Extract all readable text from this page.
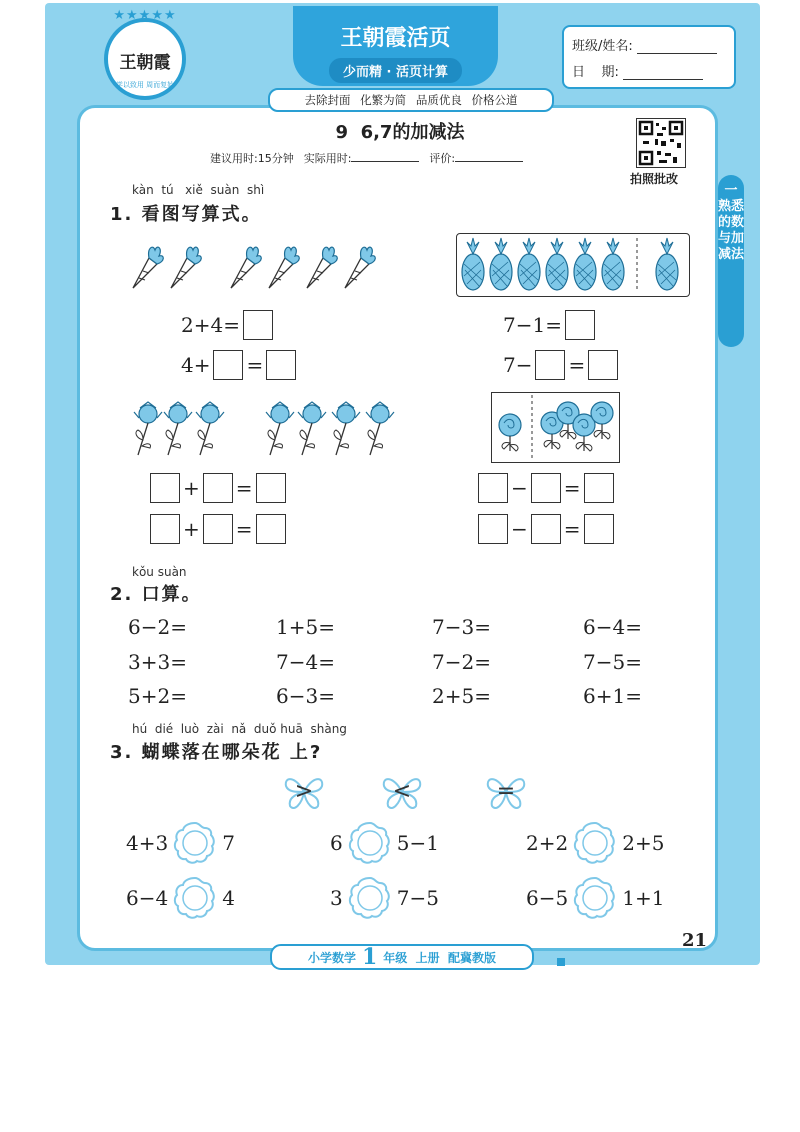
★★★★★
王朝霞
学以致用 周而复始
王朝霞活页
少而精 · 活页计算
班级/姓名:
日    期:
去除封面 化繁为简 品质优良 价格公道
9  6,7的加减法
建议用时:15分钟 实际用时:	评价:
拍照批改
一 熟悉的数与加减法
kàn  tú   xiě  suàn  shì
1. 看图写算式。
2+4=
4+ =
7−1=
7− =
+ =
+ =
− =
− =
kǒu suàn
2. 口算。
6−2=	1+5=	7−3=	6−4=
3+3=	7−4=	7−2=	7−5=
5+2=	6−3=	2+5=	6+1=
hú  dié  luò  zài  nǎ  duǒ huā  shàng
3. 蝴蝶落在哪朵花 上?
>	<	=
4+3	7	6	5−1	2+2	2+5
6−4	4	3	7−5	6−5	1+1
21
小学数学 1 年级  上册  配冀教版
